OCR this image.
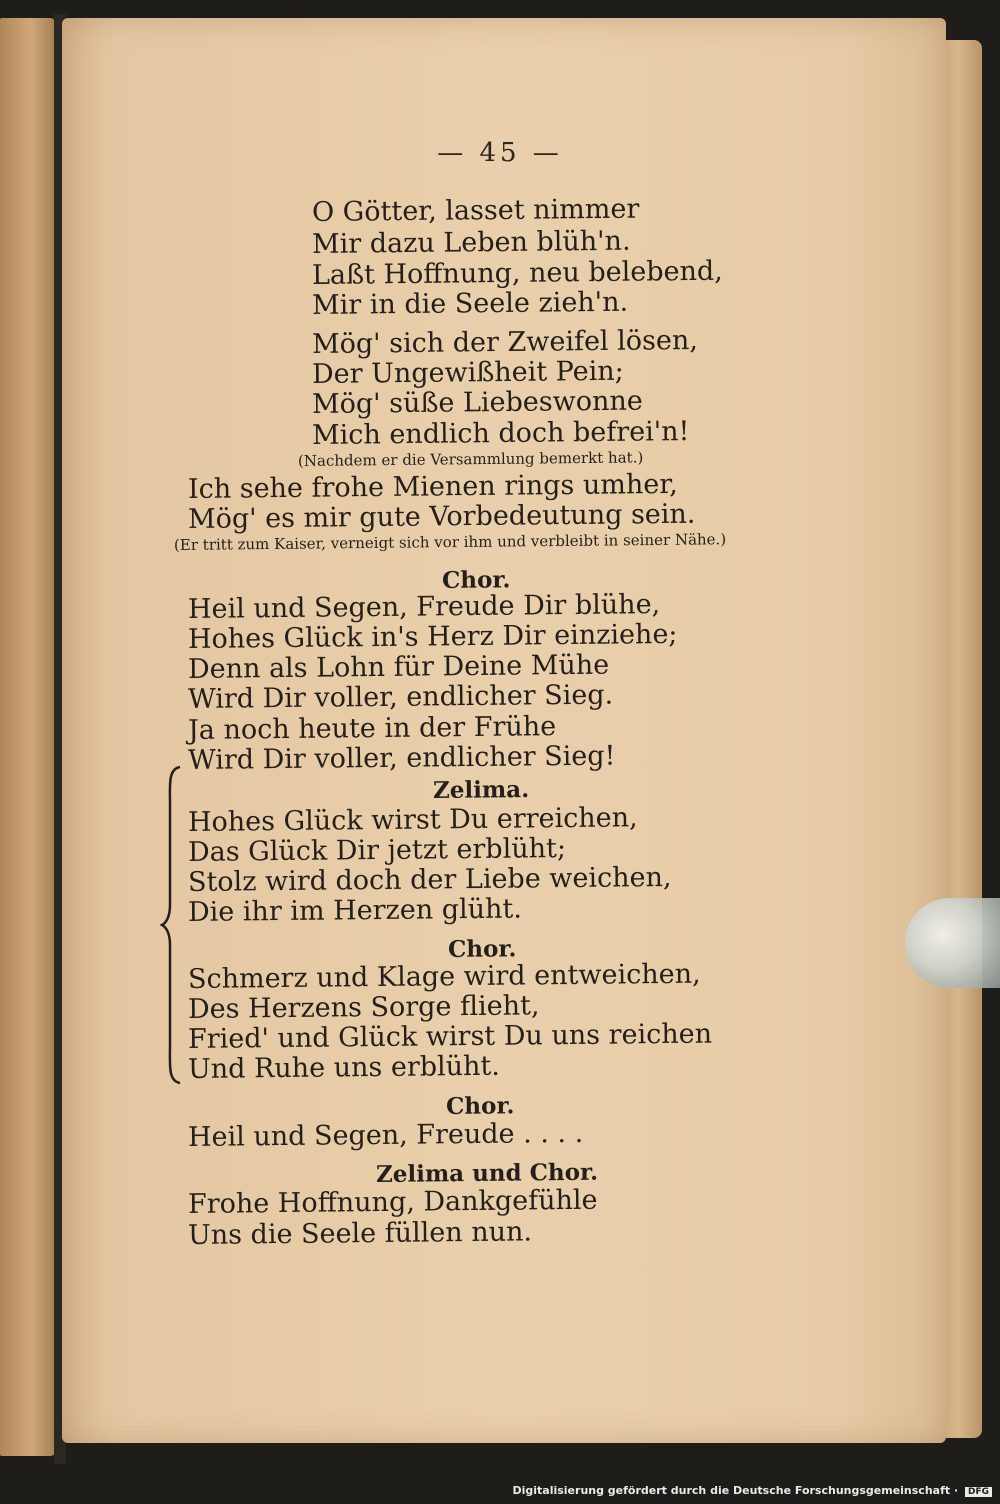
— 45 —
O Götter, lasset nimmer
Mir dazu Leben blüh'n.
Laßt Hoffnung, neu belebend,
Mir in die Seele zieh'n.
Mög' sich der Zweifel lösen,
Der Ungewißheit Pein;
Mög' süße Liebeswonne
Mich endlich doch befrei'n!
(Nachdem er die Versammlung bemerkt hat.)
Ich sehe frohe Mienen rings umher,
Mög' es mir gute Vorbedeutung sein.
(Er tritt zum Kaiser, verneigt sich vor ihm und verbleibt in seiner Nähe.)
Chor.
Heil und Segen, Freude Dir blühe,
Hohes Glück in's Herz Dir einziehe;
Denn als Lohn für Deine Mühe
Wird Dir voller, endlicher Sieg.
Ja noch heute in der Frühe
Wird Dir voller, endlicher Sieg!
Zelima.
Hohes Glück wirst Du erreichen,
Das Glück Dir jetzt erblüht;
Stolz wird doch der Liebe weichen,
Die ihr im Herzen glüht.
Chor.
Schmerz und Klage wird entweichen,
Des Herzens Sorge flieht,
Fried' und Glück wirst Du uns reichen
Und Ruhe uns erblüht.
Chor.
Heil und Segen, Freude . . . .
Zelima und Chor.
Frohe Hoffnung, Dankgefühle
Uns die Seele füllen nun.
Digitalisierung gefördert durch die Deutsche Forschungsgemeinschaft · DFG
